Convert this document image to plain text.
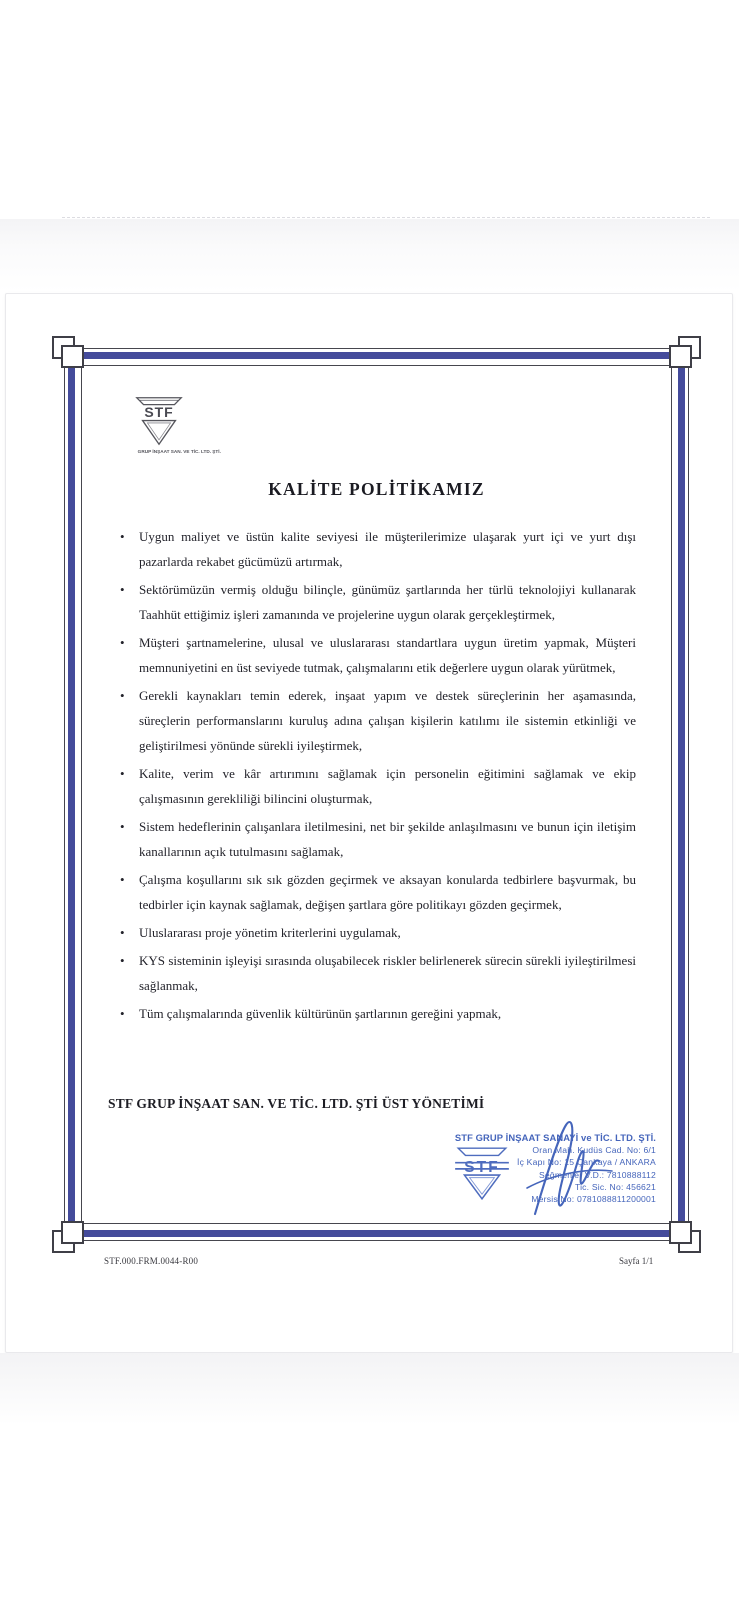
STF
GRUP İNŞAAT SAN. VE TİC. LTD. ŞTİ.
KALİTE POLİTİKAMIZ
• Uygun maliyet ve üstün kalite seviyesi ile müşterilerimize ulaşarak yurt içi ve yurt dışı pazarlarda rekabet gücümüzü artırmak,
• Sektörümüzün vermiş olduğu bilinçle, günümüz şartlarında her türlü teknolojiyi kullanarak Taahhüt ettiğimiz işleri zamanında ve projelerine uygun olarak gerçekleştirmek,
• Müşteri şartnamelerine, ulusal ve uluslararası standartlara uygun üretim yapmak, Müşteri memnuniyetini en üst seviyede tutmak, çalışmalarını etik değerlere uygun olarak yürütmek,
• Gerekli kaynakları temin ederek, inşaat yapım ve destek süreçlerinin her aşamasında, süreçlerin performanslarını kuruluş adına çalışan kişilerin katılımı ile sistemin etkinliği ve geliştirilmesi yönünde sürekli iyileştirmek,
• Kalite, verim ve kâr artırımını sağlamak için personelin eğitimini sağlamak ve ekip çalışmasının gerekliliği bilincini oluşturmak,
• Sistem hedeflerinin çalışanlara iletilmesini, net bir şekilde anlaşılmasını ve bunun için iletişim kanallarının açık tutulmasını sağlamak,
• Çalışma koşullarını sık sık gözden geçirmek ve aksayan konularda tedbirlere başvurmak, bu tedbirler için kaynak sağlamak, değişen şartlara göre politikayı gözden geçirmek,
• Uluslararası proje yönetim kriterlerini uygulamak,
• KYS sisteminin işleyişi sırasında oluşabilecek riskler belirlenerek sürecin sürekli iyileştirilmesi sağlanmak,
• Tüm çalışmalarında güvenlik kültürünün şartlarının gereğini yapmak,
STF GRUP İNŞAAT SAN. VE TİC. LTD. ŞTİ ÜST YÖNETİMİ
STF
STF GRUP İNŞAAT SANAYİ ve TİC. LTD. ŞTİ.
Oran Mah. Kudüs Cad. No: 6/1
İç Kapı No: 15 Çankaya / ANKARA
Seğmenler V.D.: 7810888112
Tic. Sic. No: 456621
Mersis No: 0781088811200001
STF.000.FRM.0044-R00	Sayfa 1/1
